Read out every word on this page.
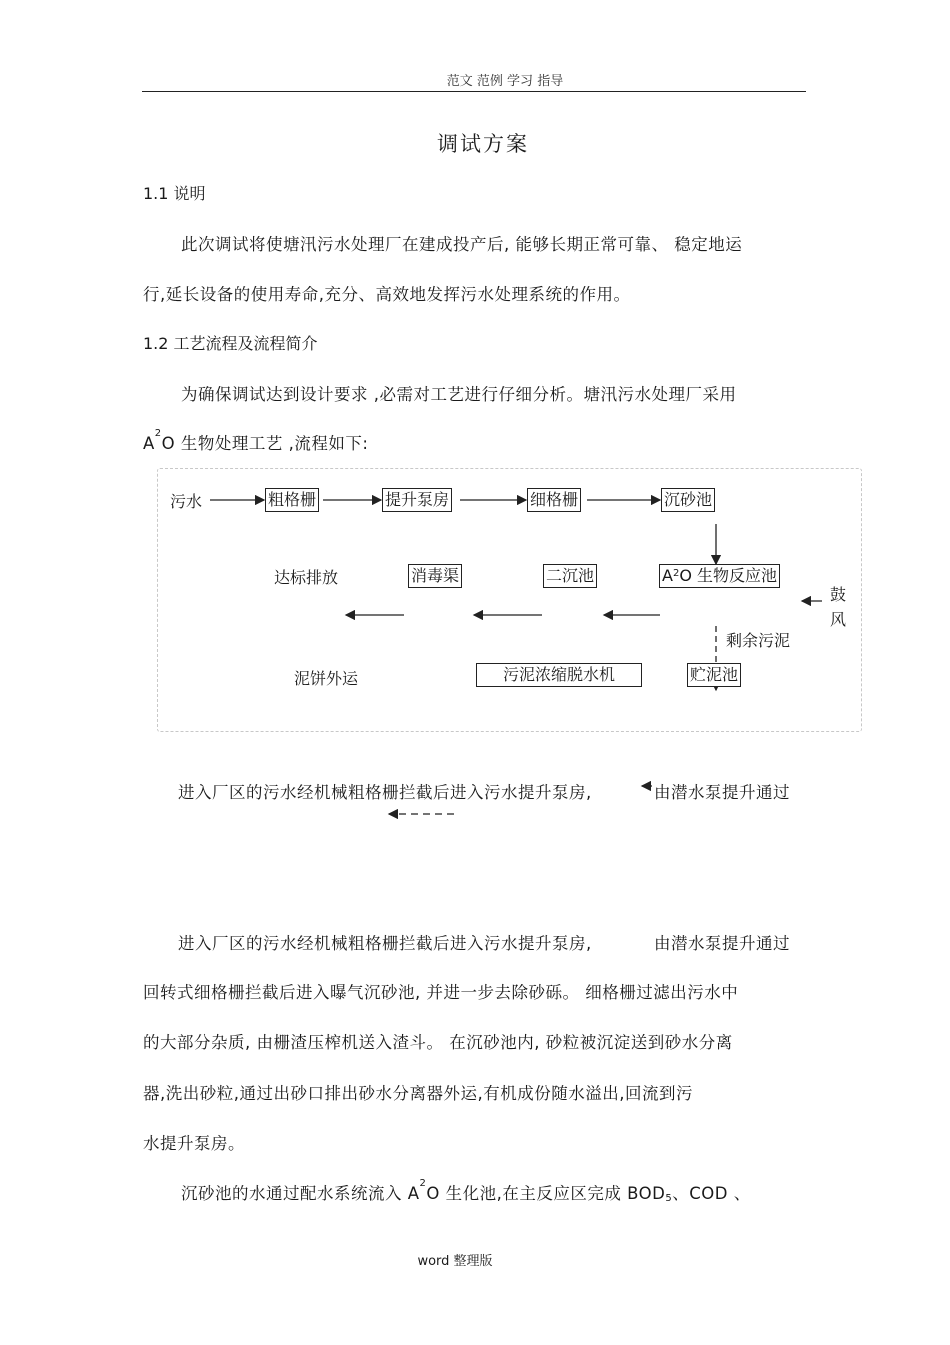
范文 范例 学习 指导
调试方案
1.1 说明
此次调试将使塘汛污水处理厂在建成投产后, 能够长期正常可靠、 稳定地运
行,延长设备的使用寿命,充分、高效地发挥污水处理系统的作用。
1.2 工艺流程及流程简介
为确保调试达到设计要求 ,必需对工艺进行仔细分析。塘汛污水处理厂采用
$A^2O$ 生物处理工艺 ,流程如下:
污水	粗格栅	提升泵房	细格栅	沉砂池
达标排放	消毒渠	二沉池	$A^2O$ 生物反应池
鼓
风
剩余污泥
泥饼外运	污泥浓缩脱水机	贮泥池
进入厂区的污水经机械粗格栅拦截后进入污水提升泵房,	由潜水泵提升通过
进入厂区的污水经机械粗格栅拦截后进入污水提升泵房,	由潜水泵提升通过
回转式细格栅拦截后进入曝气沉砂池, 并进一步去除砂砾。 细格栅过滤出污水中
的大部分杂质, 由栅渣压榨机送入渣斗。 在沉砂池内, 砂粒被沉淀送到砂水分离
器,洗出砂粒,通过出砂口排出砂水分离器外运,有机成份随水溢出,回流到污
水提升泵房。
沉砂池的水通过配水系统流入 $A^2O$ 生化池,在主反应区完成 $BOD_5$、COD 、
word 整理版
